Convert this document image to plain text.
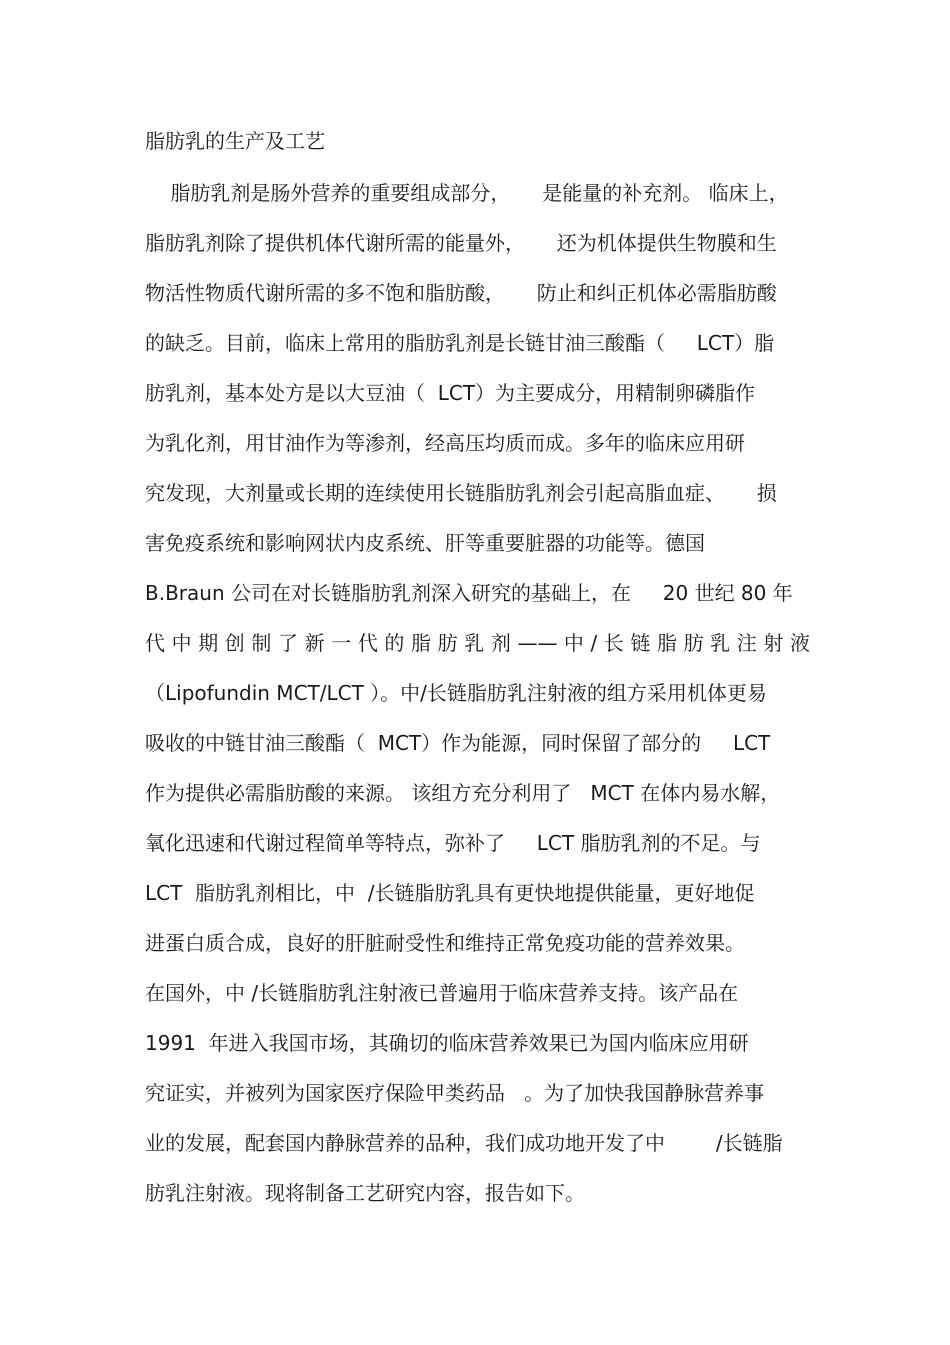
脂肪乳的生产及工艺
脂肪乳剂是肠外营养的重要组成部分，     是能量的补充剂。 临床上，
脂肪乳剂除了提供机体代谢所需的能量外，     还为机体提供生物膜和生
物活性物质代谢所需的多不饱和脂肪酸，     防止和纠正机体必需脂肪酸
的缺乏。目前，临床上常用的脂肪乳剂是长链甘油三酸酯（     LCT）脂
肪乳剂，基本处方是以大豆油（  LCT）为主要成分，用精制卵磷脂作
为乳化剂，用甘油作为等渗剂，经高压均质而成。多年的临床应用研
究发现，大剂量或长期的连续使用长链脂肪乳剂会引起高脂血症、     损
害免疫系统和影响网状内皮系统、肝等重要脏器的功能等。德国
B.Braun 公司在对长链脂肪乳剂深入研究的基础上，在     20 世纪 80 年
代 中 期 创 制 了 新 一 代 的 脂 肪 乳 剂 —— 中 / 长 链 脂 肪 乳 注 射 液
（Lipofundin MCT/LCT ）。中/长链脂肪乳注射液的组方采用机体更易
吸收的中链甘油三酸酯（  MCT）作为能源，同时保留了部分的     LCT
作为提供必需脂肪酸的来源。 该组方充分利用了   MCT 在体内易水解，
氧化迅速和代谢过程简单等特点，弥补了     LCT 脂肪乳剂的不足。与
LCT  脂肪乳剂相比，中  /长链脂肪乳具有更快地提供能量，更好地促
进蛋白质合成，良好的肝脏耐受性和维持正常免疫功能的营养效果。
在国外，中 /长链脂肪乳注射液已普遍用于临床营养支持。该产品在
1991  年进入我国市场，其确切的临床营养效果已为国内临床应用研
究证实，并被列为国家医疗保险甲类药品   。为了加快我国静脉营养事
业的发展，配套国内静脉营养的品种，我们成功地开发了中        /长链脂
肪乳注射液。现将制备工艺研究内容，报告如下。
